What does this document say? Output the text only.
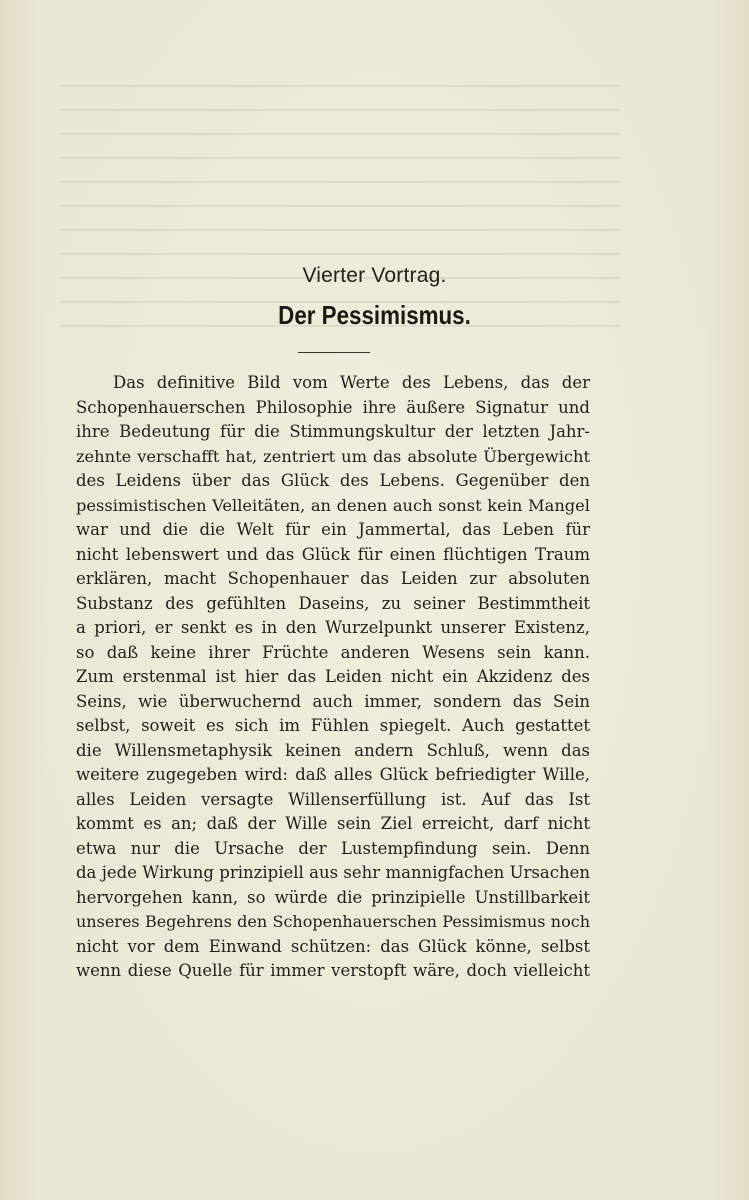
Vierter Vortrag.
Der Pessimismus.
Das definitive Bild vom Werte des Lebens, das der
Schopenhauerschen Philosophie ihre äußere Signatur und
ihre Bedeutung für die Stimmungskultur der letzten Jahr-
zehnte verschafft hat, zentriert um das absolute Übergewicht
des Leidens über das Glück des Lebens. Gegenüber den
pessimistischen Velleitäten, an denen auch sonst kein Mangel
war und die die Welt für ein Jammertal, das Leben für
nicht lebenswert und das Glück für einen flüchtigen Traum
erklären, macht Schopenhauer das Leiden zur absoluten
Substanz des gefühlten Daseins, zu seiner Bestimmtheit
a priori, er senkt es in den Wurzelpunkt unserer Existenz,
so daß keine ihrer Früchte anderen Wesens sein kann.
Zum erstenmal ist hier das Leiden nicht ein Akzidenz des
Seins, wie überwuchernd auch immer, sondern das Sein
selbst, soweit es sich im Fühlen spiegelt. Auch gestattet
die Willensmetaphysik keinen andern Schluß, wenn das
weitere zugegeben wird: daß alles Glück befriedigter Wille,
alles Leiden versagte Willenserfüllung ist. Auf das Ist
kommt es an; daß der Wille sein Ziel erreicht, darf nicht
etwa nur die Ursache der Lustempfindung sein. Denn
da jede Wirkung prinzipiell aus sehr mannigfachen Ursachen
hervorgehen kann, so würde die prinzipielle Unstillbarkeit
unseres Begehrens den Schopenhauerschen Pessimismus noch
nicht vor dem Einwand schützen: das Glück könne, selbst
wenn diese Quelle für immer verstopft wäre, doch vielleicht
